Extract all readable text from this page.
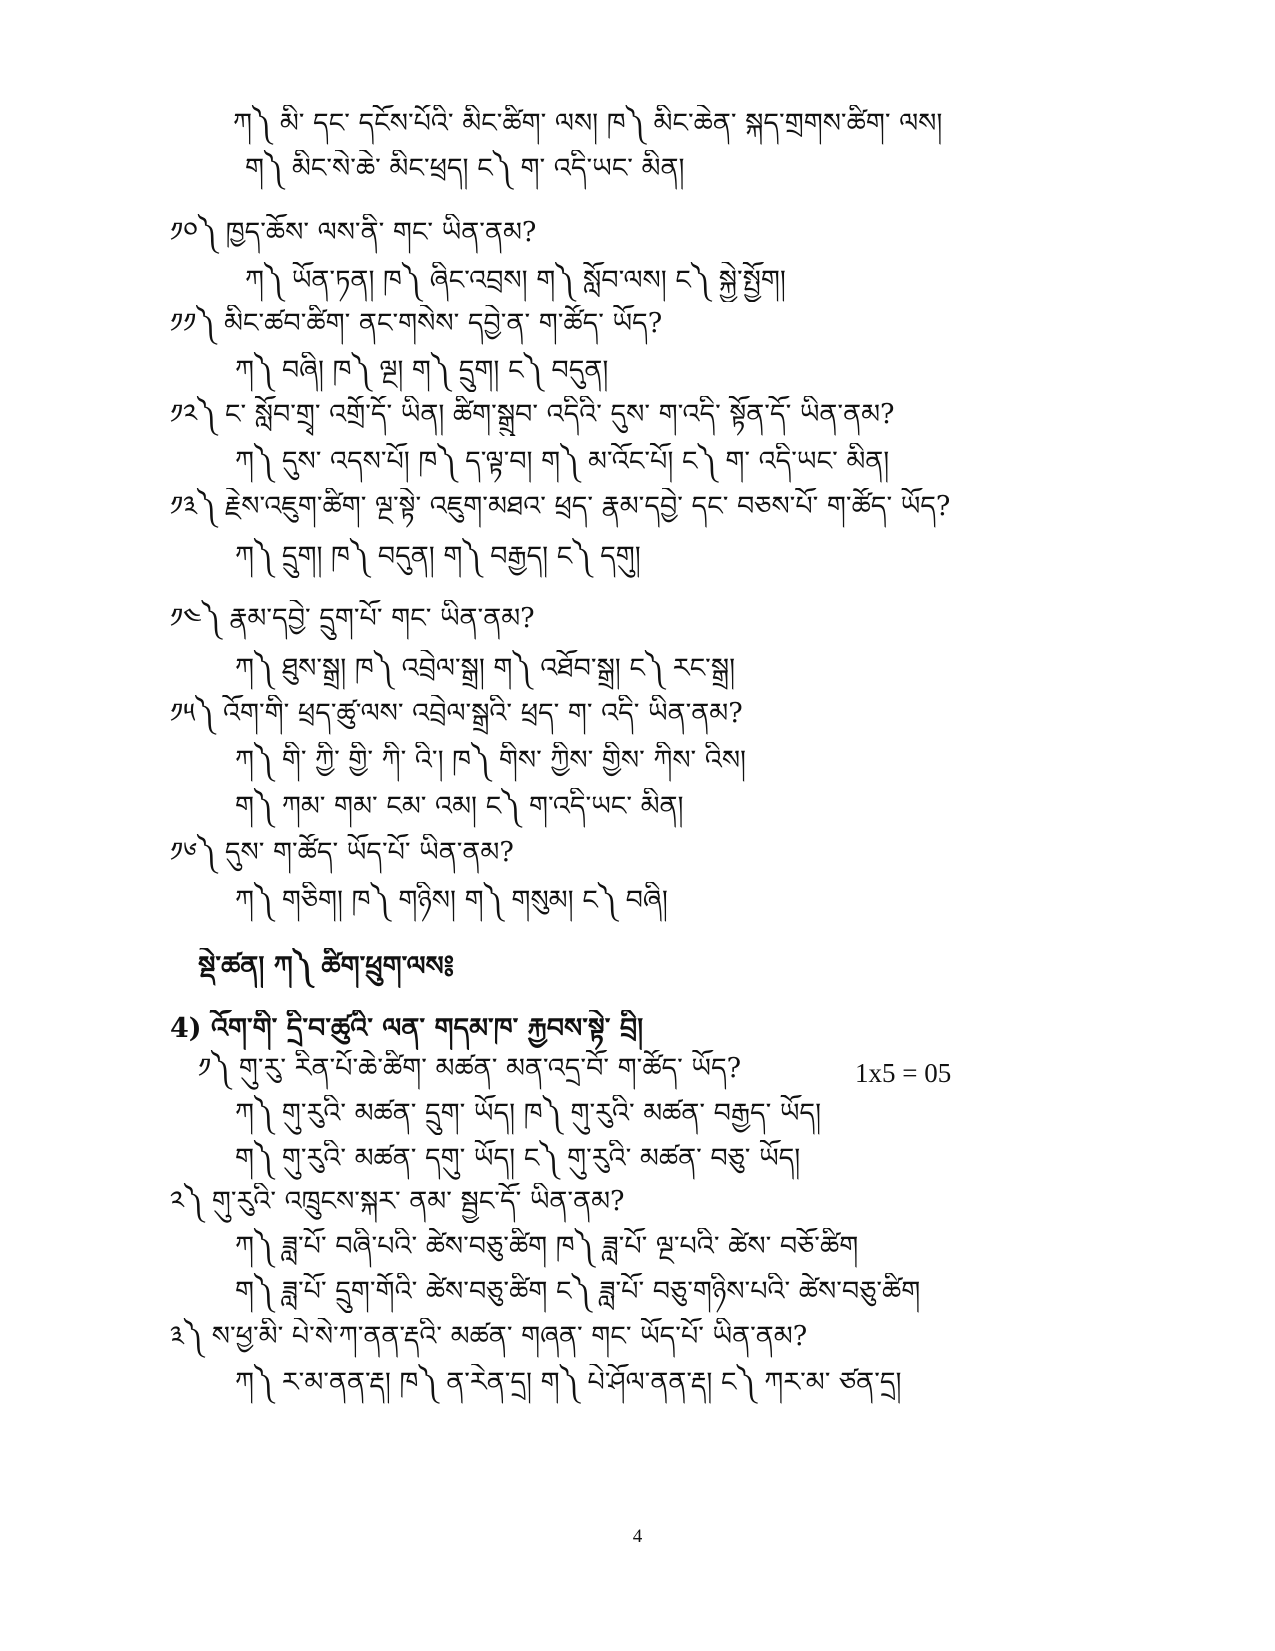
ཀ༽ མི་ དང་ དངོས་པོའི་ མིང་ཚིག་ ལས། ཁ༽ མིང་ཆེན་ སྐད་གྲགས་ཚིག་ ལས།
ག༽ མིང་སེ་ཆེ་ མིང་ཕྲད། ང༽ ག་ འདི་ཡང་ མིན།
༡༠༽ ཁྱད་ཆོས་ ལས་ནི་ གང་ ཡིན་ནམ?
ཀ༽ ཡོན་ཏན། ཁ༽ ཞིང་འབྲས། ག༽ སློབ་ལས། ང༽ སྐྱེ་སྤྱོག།
༡༡༽ མིང་ཚབ་ཚིག་ ནང་གསེས་ དབྱེ་ན་ ག་ཚོད་ ཡོད?
ཀ༽ བཞི། ཁ༽ ལྔ། ག༽ དྲུག། ང༽ བདུན།
༡༢༽ ང་ སློབ་གྲྭ་ འགྲོ་དོ་ ཡིན། ཚིག་སྒྲུབ་ འདིའི་ དུས་ ག་འདི་ སྟོན་དོ་ ཡིན་ནམ?
ཀ༽ དུས་ འདས་པོ། ཁ༽ ད་ལྟ་བ། ག༽ མ་འོང་པོ། ང༽ ག་ འདི་ཡང་ མིན།
༡༣༽ རྗེས་འཇུག་ཚིག་ ལྔ་སྟེ་ འཇུག་མཐའ་ ཕྲད་ རྣམ་དབྱེ་ དང་ བཅས་པོ་ ག་ཚོད་ ཡོད?
ཀ༽ དྲུག། ཁ༽ བདུན། ག༽ བརྒྱད། ང༽ དགུ།
༡༤༽ རྣམ་དབྱེ་ དྲུག་པོ་ གང་ ཡིན་ནམ?
ཀ༽ ཐུས་སྒྲ། ཁ༽ འབྲེལ་སྒྲ། ག༽ འཐོབ་སྒྲ། ང༽ རང་སྒྲ།
༡༥༽ འོག་གི་ ཕྲད་ཚུ་ལས་ འབྲེལ་སྒྲའི་ ཕྲད་ ག་ འདི་ ཡིན་ནམ?
ཀ༽ གི་ ཀྱི་ གྱི་ ཀི་ འི་། ཁ༽ གིས་ ཀྱིས་ གྱིས་ ཀིས་ འིས།
ག༽ ཀམ་ གམ་ ངམ་ འམ། ང༽ ག་འདི་ཡང་ མིན།
༡༦༽ དུས་ ག་ཚོད་ ཡོད་པོ་ ཡིན་ནམ?
ཀ༽ གཅིག། ཁ༽ གཉིས། ག༽ གསུམ། ང༽ བཞི།
སྡེ་ཚན། ཀ༽ ཚིག་ཕྲུག་ལས༔
4) འོག་གི་ དྲི་བ་ཚུའི་ ལན་ གདམ་ཁ་ རྐྱབས་སྟེ་ བྲི།
1x5 = 05
༡༽ གུ་རུ་ རིན་པོ་ཆེ་ཚིག་ མཚན་ མན་འདྲ་བོ་ ག་ཚོད་ ཡོད?
ཀ༽ གུ་རུའི་ མཚན་ དྲུག་ ཡོད། ཁ༽ གུ་རུའི་ མཚན་ བརྒྱད་ ཡོད།
ག༽ གུ་རུའི་ མཚན་ དགུ་ ཡོད། ང༽ གུ་རུའི་ མཚན་ བཅུ་ ཡོད།
༢༽ གུ་རུའི་ འཁྲུངས་སྐར་ ནམ་ སྦྱང་དོ་ ཡིན་ནམ?
ཀ༽ ཟླ་པོ་ བཞི་པའི་ ཚེས་བཅུ་ཚིག ཁ༽ ཟླ་པོ་ ལྔ་པའི་ ཚེས་ བཅོ་ཚིག
ག༽ ཟླ་པོ་ དྲུག་གོའི་ ཚེས་བཅུ་ཚིག ང༽ ཟླ་པོ་ བཅུ་གཉིས་པའི་ ཚེས་བཅུ་ཚིག
༣༽ ས་ཕྱ་མི་ པེ་སེ་ཀ་ནན་རྡའི་ མཚན་ གཞན་ གང་ ཡོད་པོ་ ཡིན་ནམ?
ཀ༽ ར་མ་ནན་རྡ། ཁ༽ ན་རེན་དྲ། ག༽ པེ་ཤོལ་ནན་རྡ། ང༽ ཀར་མ་ ཙན་དྲ།
4
